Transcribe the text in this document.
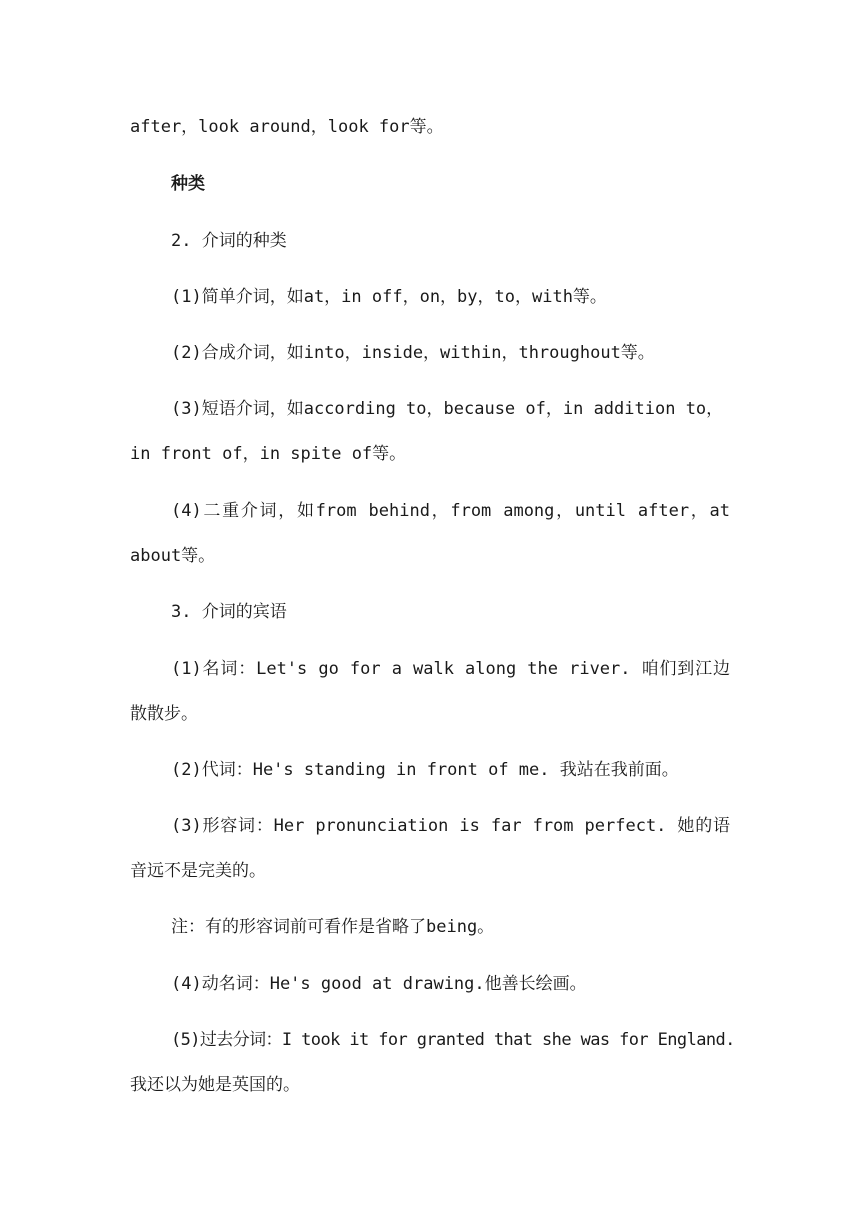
after，look around，look for等。
种类
2. 介词的种类
(1)简单介词，如at，in off，on，by，to，with等。
(2)合成介词，如into，inside，within，throughout等。
(3)短语介词，如according to，because of，in addition to，
in front of，in spite of等。
(4)二重介词，如from behind，from among，until after，at
about等。
3. 介词的宾语
(1)名词：Let's go for a walk along the river. 咱们到江边
散散步。
(2)代词：He's standing in front of me. 我站在我前面。
(3)形容词：Her pronunciation is far from perfect. 她的语
音远不是完美的。
注：有的形容词前可看作是省略了being。
(4)动名词：He's good at drawing.他善长绘画。
(5)过去分词：I took it for granted that she was for England.
我还以为她是英国的。
